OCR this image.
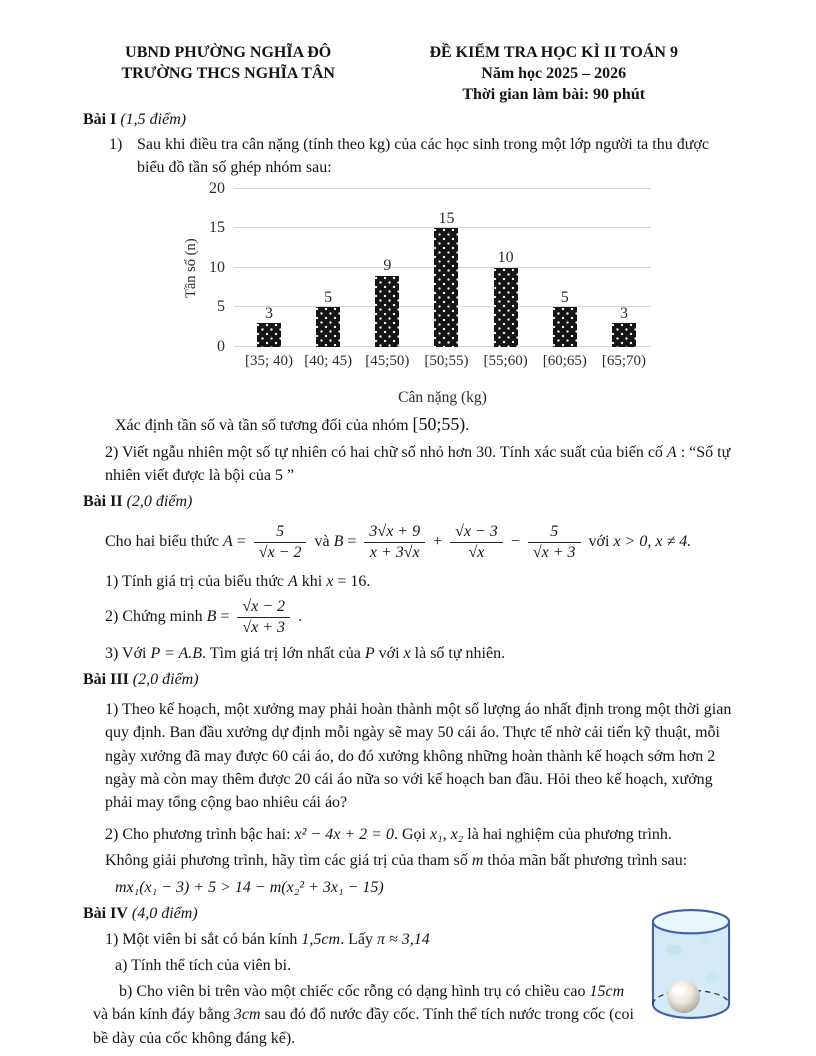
UBND PHƯỜNG NGHĨA ĐÔ
TRƯỜNG THCS NGHĨA TÂN
ĐỀ KIỂM TRA HỌC KÌ II TOÁN 9
Năm học 2025 – 2026
Thời gian làm bài: 90 phút
Bài I (1,5 điểm)
1) Sau khi điều tra cân nặng (tính theo kg) của các học sinh trong một lớp người ta thu được biểu đồ tần số ghép nhóm sau:
Tần số (n)
0
5
10
15
20
3
5
9
15
10
5
3
[35; 40) [40; 45) [45;50) [50;55) [55;60) [60;65) [65;70)
Cân nặng (kg)

Xác định tần số và tần số tương đối của nhóm [50;55).

2) Viết ngẫu nhiên một số tự nhiên có hai chữ số nhỏ hơn 30. Tính xác suất của biến cố A : “Số tự nhiên viết được là bội của 5 ”

Bài II (2,0 điểm)

Cho hai biểu thức $A = \frac{5}{√x - 2}$ và $B = \frac{3√x + 9}{x + 3√x} + \frac{√x - 3}{√x} - \frac{5}{√x + 3}$ với x > 0, x ≠ 4.

1) Tính giá trị của biểu thức A khi x = 16.

2) Chứng minh $B = \frac{√x - 2}{√x + 3}$ .

3) Với P = A.B. Tìm giá trị lớn nhất của P với x là số tự nhiên.

Bài III (2,0 điểm)

1) Theo kế hoạch, một xưởng may phải hoàn thành một số lượng áo nhất định trong một thời gian quy định. Ban đầu xưởng dự định mỗi ngày sẽ may 50 cái áo. Thực tế nhờ cải tiến kỹ thuật, mỗi ngày xưởng đã may được 60 cái áo, do đó xưởng không những hoàn thành kế hoạch sớm hơn 2 ngày mà còn may thêm được 20 cái áo nữa so với kế hoạch ban đầu. Hỏi theo kế hoạch, xưởng phải may tổng cộng bao nhiêu cái áo?

2) Cho phương trình bậc hai: x² − 4x + 2 = 0. Gọi x₁, x₂ là hai nghiệm của phương trình.

Không giải phương trình, hãy tìm các giá trị của tham số m thỏa mãn bất phương trình sau:

mx₁(x₁ − 3) + 5 > 14 − m(x₂² + 3x₁ − 15)

Bài IV (4,0 điểm)

1) Một viên bi sắt có bán kính 1,5cm. Lấy π ≈ 3,14

a) Tính thể tích của viên bi.

b) Cho viên bi trên vào một chiếc cốc rỗng có dạng hình trụ có chiều cao 15cm và bán kính đáy bằng 3cm sau đó đổ nước đầy cốc. Tính thể tích nước trong cốc (coi bề dày của cốc không đáng kể).
